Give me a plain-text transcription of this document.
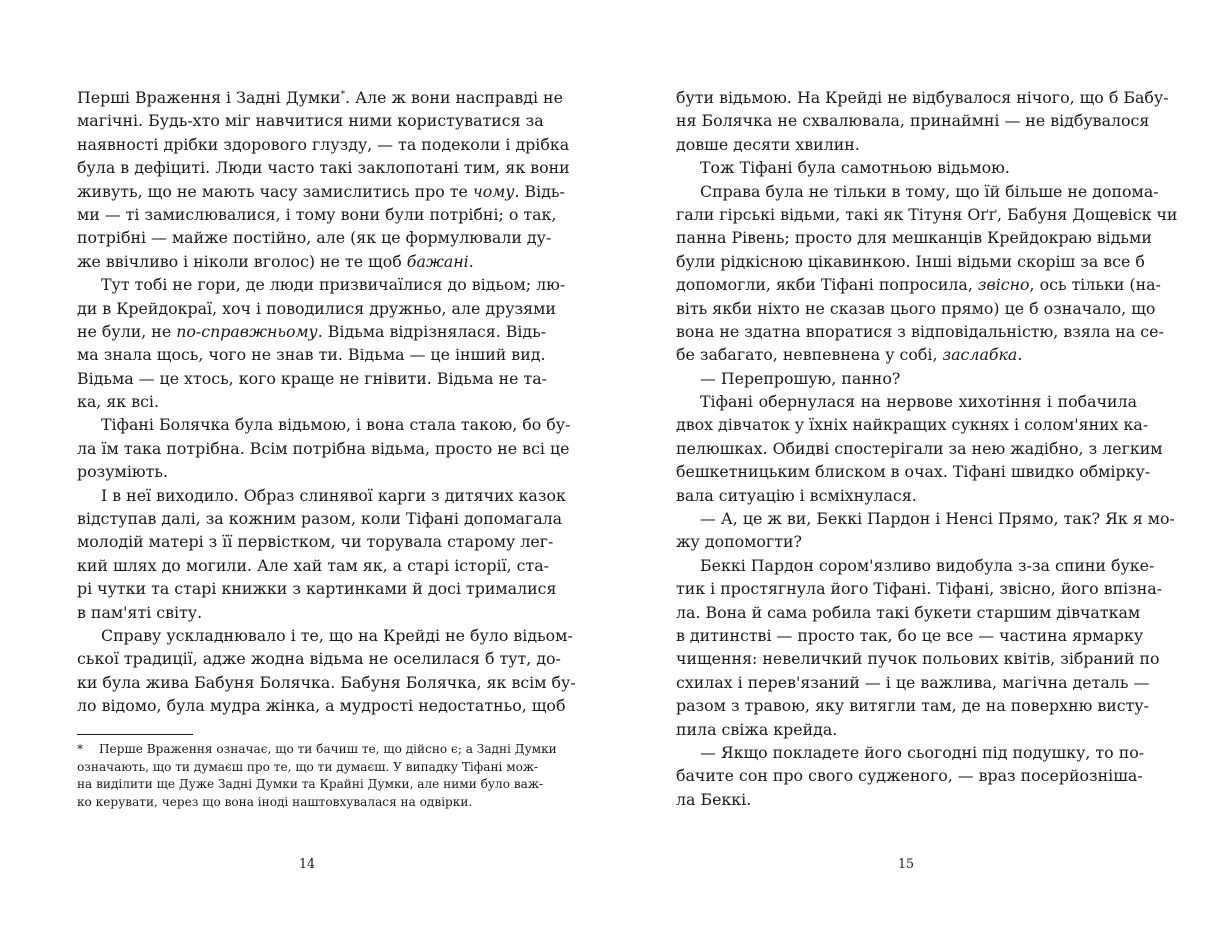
Перші Враження і Задні Думки*. Але ж вони насправді не
магічні. Будь-хто міг навчитися ними користуватися за
наявності дрібки здорового глузду, — та подеколи і дрібка
була в дефіциті. Люди часто такі заклопотані тим, як вони
живуть, що не мають часу замислитись про те чому. Відь-
ми — ті замислювалися, і тому вони були потрібні; о так,
потрібні — майже постійно, але (як це формулювали ду-
же ввічливо і ніколи вголос) не те щоб бажані.
Тут тобі не гори, де люди призвичаїлися до відьом; лю-
ди в Крейдокраї, хоч і поводилися дружньо, але друзями
не були, не по-справжньому. Відьма відрізнялася. Відь-
ма знала щось, чого не знав ти. Відьма — це інший вид.
Відьма — це хтось, кого краще не гнівити. Відьма не та-
ка, як всі.
Тіфані Болячка була відьмою, і вона стала такою, бо бу-
ла їм така потрібна. Всім потрібна відьма, просто не всі це
розуміють.
І в неї виходило. Образ слинявої карги з дитячих казок
відступав далі, за кожним разом, коли Тіфані допомагала
молодій матері з її первістком, чи торувала старому лег-
кий шлях до могили. Але хай там як, а старі історії, ста-
рі чутки та старі книжки з картинками й досі трималися
в пам'яті світу.
Справу ускладнювало і те, що на Крейді не було відьом-
ської традиції, адже жодна відьма не оселилася б тут, до-
ки була жива Бабуня Болячка. Бабуня Болячка, як всім бу-
ло відомо, була мудра жінка, а мудрості недостатньо, щоб
* Перше Враження означає, що ти бачиш те, що дійсно є; а Задні Думки
означають, що ти думаєш про те, що ти думаєш. У випадку Тіфані мож-
на виділити ще Дуже Задні Думки та Крайні Думки, але ними було важ-
ко керувати, через що вона іноді наштовхувалася на одвірки.
14
бути відьмою. На Крейді не відбувалося нічого, що б Бабу-
ня Болячка не схвалювала, принаймні — не відбувалося
довше десяти хвилин.
Тож Тіфані була самотньою відьмою.
Справа була не тільки в тому, що їй більше не допома-
гали гірські відьми, такі як Тітуня Оґґ, Бабуня Дощевіск чи
панна Рівень; просто для мешканців Крейдокраю відьми
були рідкісною цікавинкою. Інші відьми скоріш за все б
допомогли, якби Тіфані попросила, звісно, ось тільки (на-
віть якби ніхто не сказав цього прямо) це б означало, що
вона не здатна впоратися з відповідальністю, взяла на се-
бе забагато, невпевнена у собі, заслабка.
— Перепрошую, панно?
Тіфані обернулася на нервове хихотіння і побачила
двох дівчаток у їхніх найкращих сукнях і солом'яних ка-
пелюшках. Обидві спостерігали за нею жадібно, з легким
бешкетницьким блиском в очах. Тіфані швидко обмірку-
вала ситуацію і всміхнулася.
— А, це ж ви, Беккі Пардон і Ненсі Прямо, так? Як я мо-
жу допомогти?
Беккі Пардон сором'язливо видобула з-за спини буке-
тик і простягнула його Тіфані. Тіфані, звісно, його впізна-
ла. Вона й сама робила такі букети старшим дівчаткам
в дитинстві — просто так, бо це все — частина ярмарку
чищення: невеличкий пучок польових квітів, зібраний по
схилах і перев'язаний — і це важлива, магічна деталь —
разом з травою, яку витягли там, де на поверхню висту-
пила свіжа крейда.
— Якщо покладете його сьогодні під подушку, то по-
бачите сон про свого судженого, — враз посерйознішa-
ла Беккі.
15
